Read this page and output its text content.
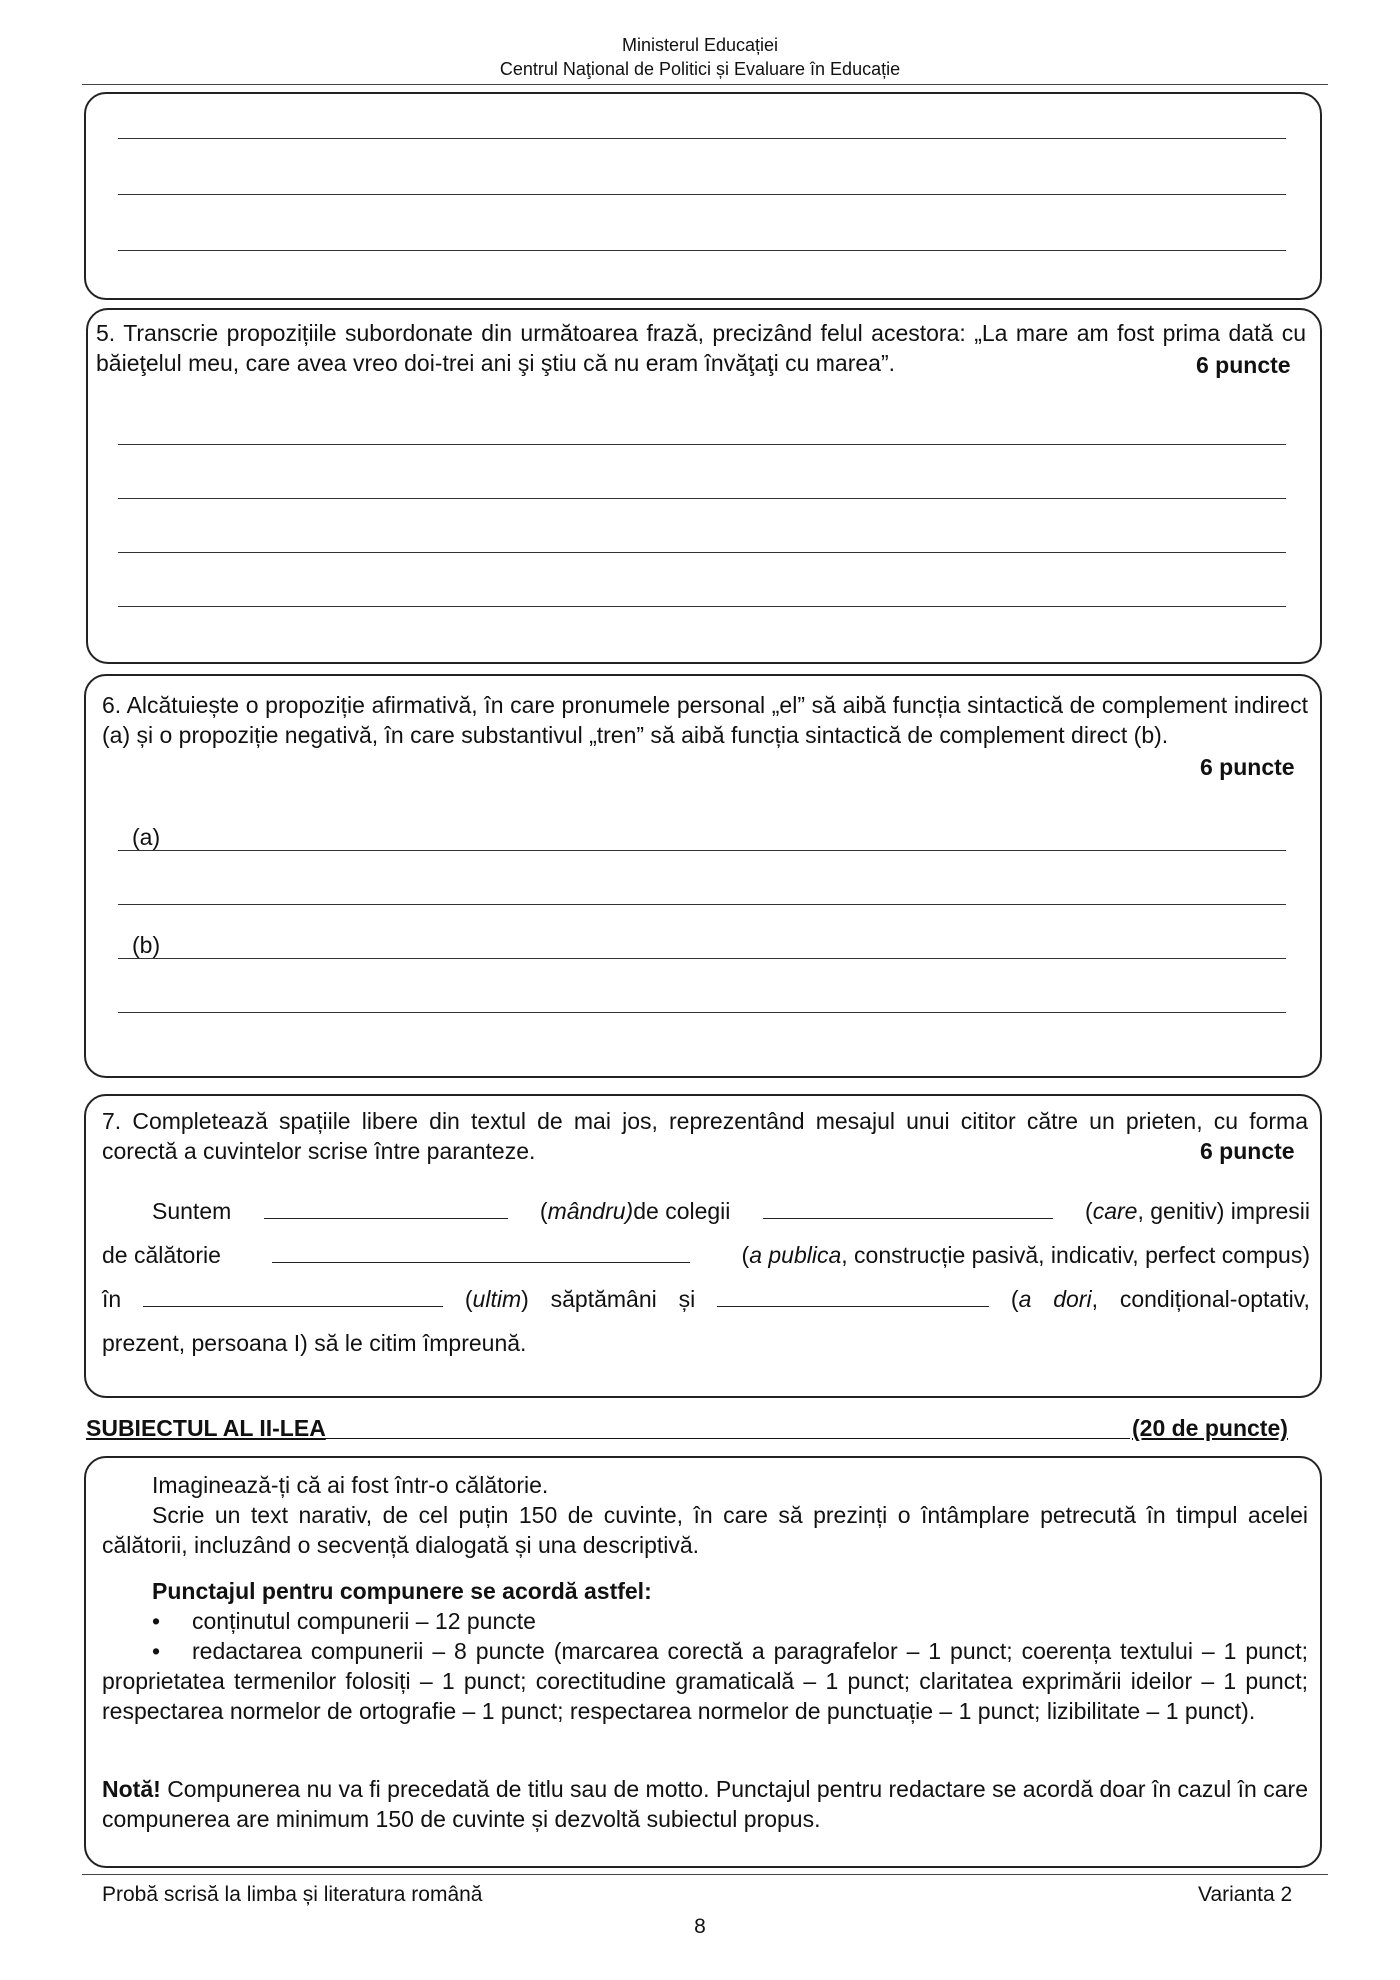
Ministerul Educației
Centrul Naţional de Politici și Evaluare în Educație
5. Transcrie propozițiile subordonate din următoarea frază, precizând felul acestora: „La mare am fost prima dată cu băieţelul meu, care avea vreo doi-trei ani şi ştiu că nu eram învăţaţi cu marea”.	6 puncte
6. Alcătuiește o propoziție afirmativă, în care pronumele personal „el” să aibă funcția sintactică de complement indirect (a) și o propoziție negativă, în care substantivul „tren” să aibă funcția sintactică de complement direct (b).
6 puncte
(a)
(b)
7. Completează spațiile libere din textul de mai jos, reprezentând mesajul unui cititor către un prieten, cu forma corectă a cuvintelor scrise între paranteze.	6 puncte
Suntem	(mândru)de colegii	(care, genitiv) impresii
de călătorie	(a publica, construcție pasivă, indicativ, perfect compus)
în	(ultim) săptămâni și	(a dori, condițional-optativ,
prezent, persoana I) să le citim împreună.
SUBIECTUL AL II-LEA	(20 de puncte)
Imaginează-ți că ai fost într-o călătorie.
Scrie un text narativ, de cel puțin 150 de cuvinte, în care să prezinți o întâmplare petrecută în timpul acelei călătorii, incluzând o secvență dialogată și una descriptivă.
Punctajul pentru compunere se acordă astfel:
• conținutul compunerii – 12 puncte
•	redactarea compunerii – 8 puncte (marcarea corectă a paragrafelor – 1 punct; coerența textului – 1 punct; proprietatea termenilor folosiți – 1 punct; corectitudine gramaticală – 1 punct; claritatea exprimării ideilor – 1 punct; respectarea normelor de ortografie – 1 punct; respectarea normelor de punctuație – 1 punct; lizibilitate – 1 punct).
Notă! Compunerea nu va fi precedată de titlu sau de motto. Punctajul pentru redactare se acordă doar în cazul în care compunerea are minimum 150 de cuvinte și dezvoltă subiectul propus.
Probă scrisă la limba și literatura română	Varianta 2
8
